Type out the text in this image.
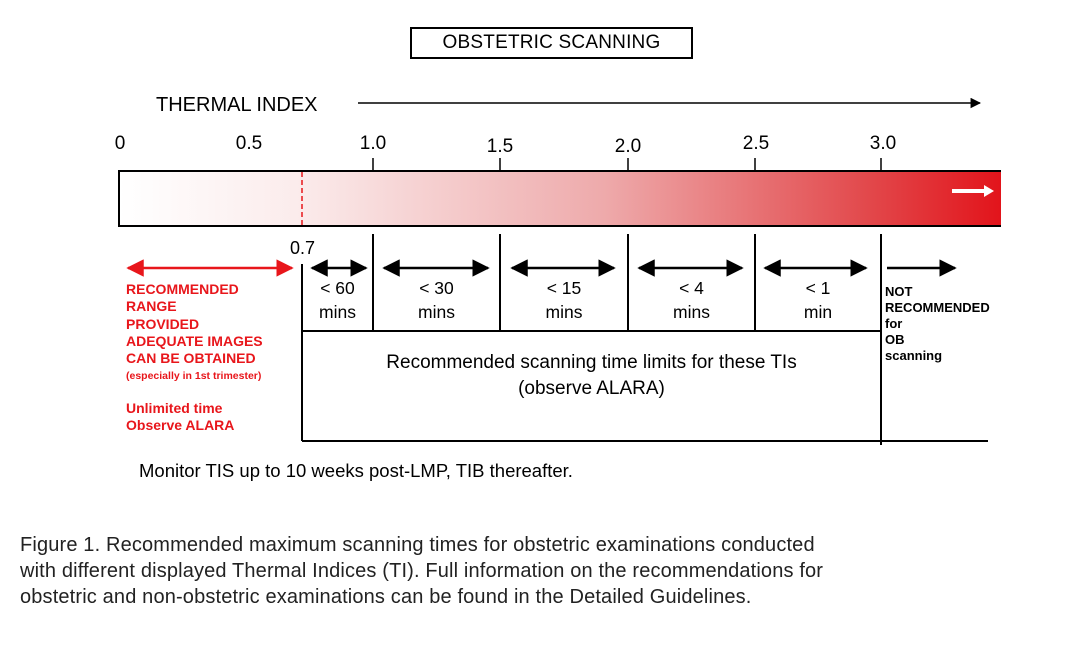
OBSTETRIC SCANNING
THERMAL INDEX
0	0.5	1.0	1.5	2.0	2.5	3.0
0.7
RECOMMENDED
RANGE
PROVIDED
ADEQUATE IMAGES
CAN BE OBTAINED
(especially in 1st trimester)
Unlimited time
Observe ALARA
< 60
mins
< 30
mins
< 15
mins
< 4
mins
< 1
min
NOT
RECOMMENDED
for
OB
scanning
Recommended scanning time limits for these TIs
(observe ALARA)
Monitor TIS up to 10 weeks post-LMP, TIB thereafter.
Figure 1. Recommended maximum scanning times for obstetric examinations conducted
with different displayed Thermal Indices (TI). Full information on the recommendations for
obstetric and non-obstetric examinations can be found in the Detailed Guidelines.
